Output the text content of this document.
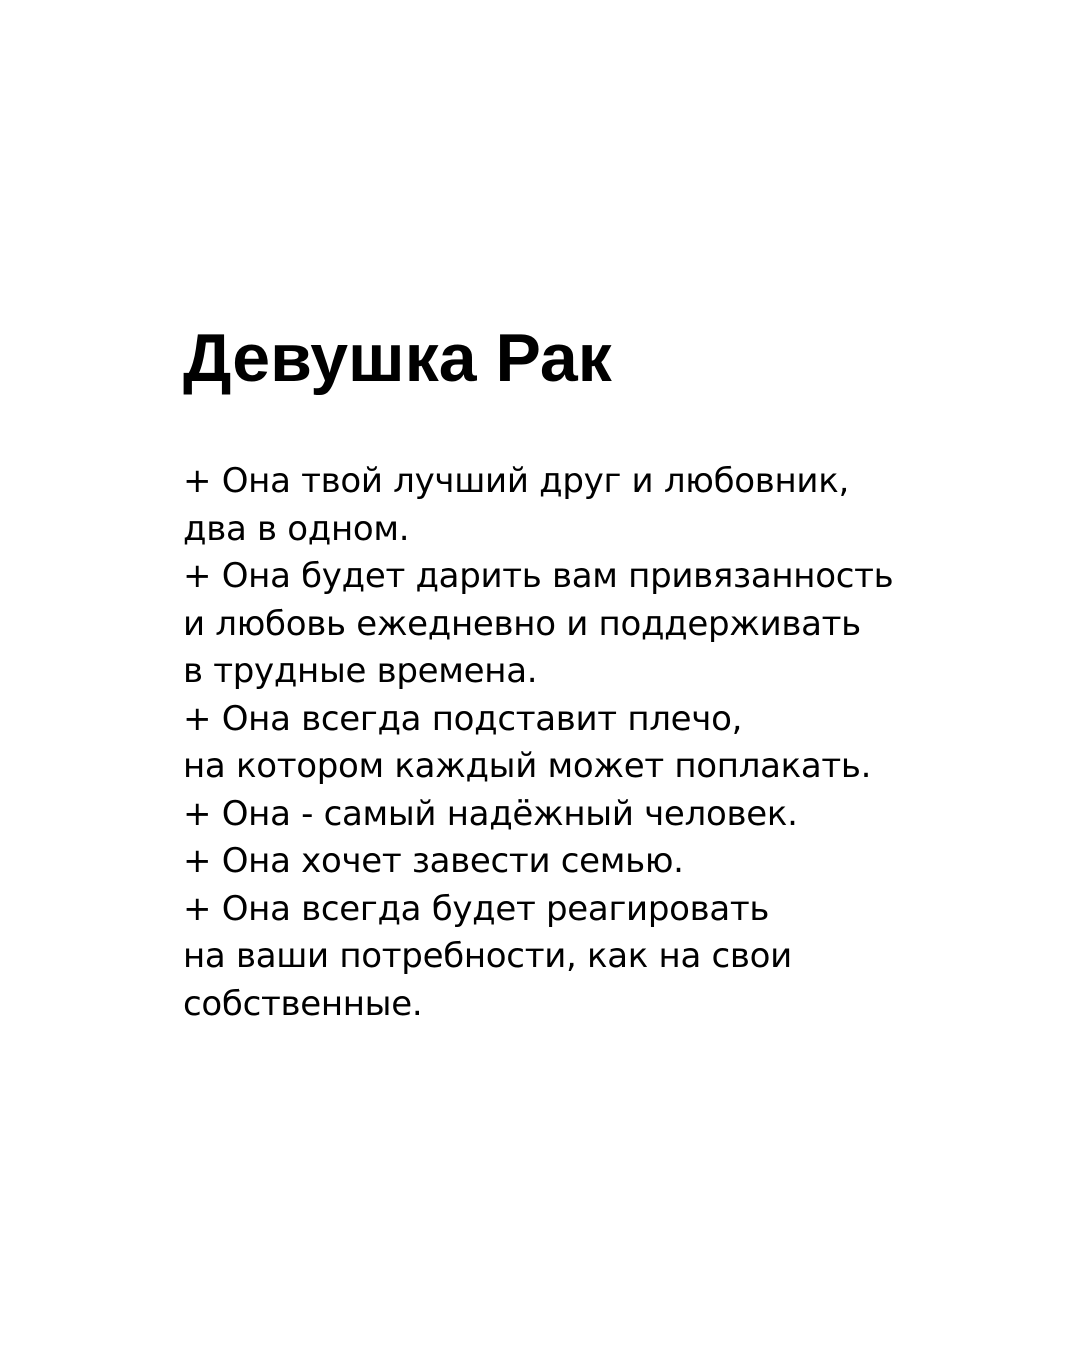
Девушка Рак
+ Она твой лучший друг и любовник,
два в одном.
+ Она будет дарить вам привязанность
и любовь ежедневно и поддерживать
в трудные времена.
+ Она всегда подставит плечо,
на котором каждый может поплакать.
+ Она - самый надёжный человек.
+ Она хочет завести семью.
+ Она всегда будет реагировать
на ваши потребности, как на свои
собственные.
